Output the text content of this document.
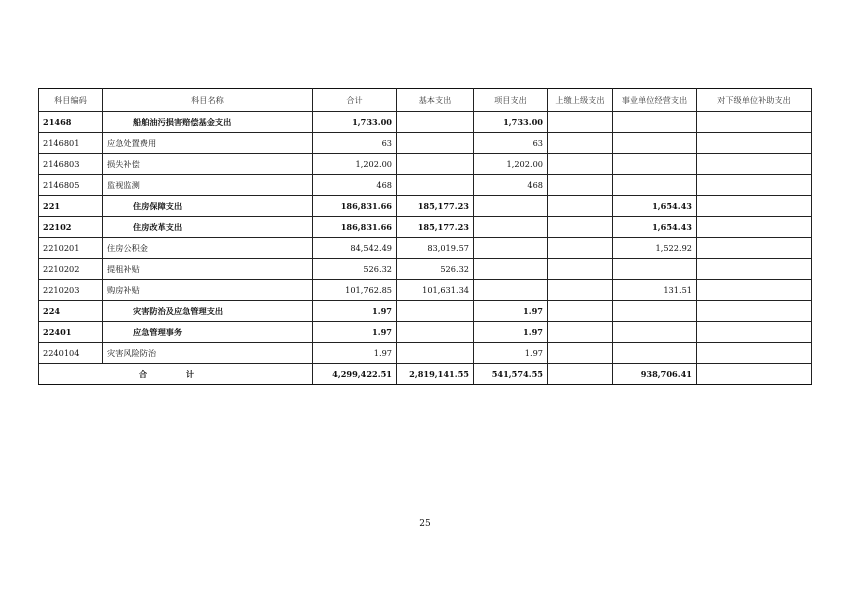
科目编码	科目名称	合计	基本支出	项目支出	上缴上级支出	事业单位经营支出	对下级单位补助支出
21468	船舶油污损害赔偿基金支出	1,733.00		1,733.00			
2146801	应急处置费用	63		63			
2146803	损失补偿	1,202.00		1,202.00			
2146805	监视监测	468		468			
221	住房保障支出	186,831.66	185,177.23			1,654.43	
22102	住房改革支出	186,831.66	185,177.23			1,654.43	
2210201	住房公积金	84,542.49	83,019.57			1,522.92	
2210202	提租补贴	526.32	526.32				
2210203	购房补贴	101,762.85	101,631.34			131.51	
224	灾害防治及应急管理支出	1.97		1.97			
22401	应急管理事务	1.97		1.97			
2240104	灾害风险防治	1.97		1.97			
合 计		4,299,422.51	2,819,141.55	541,574.55		938,706.41	
25
